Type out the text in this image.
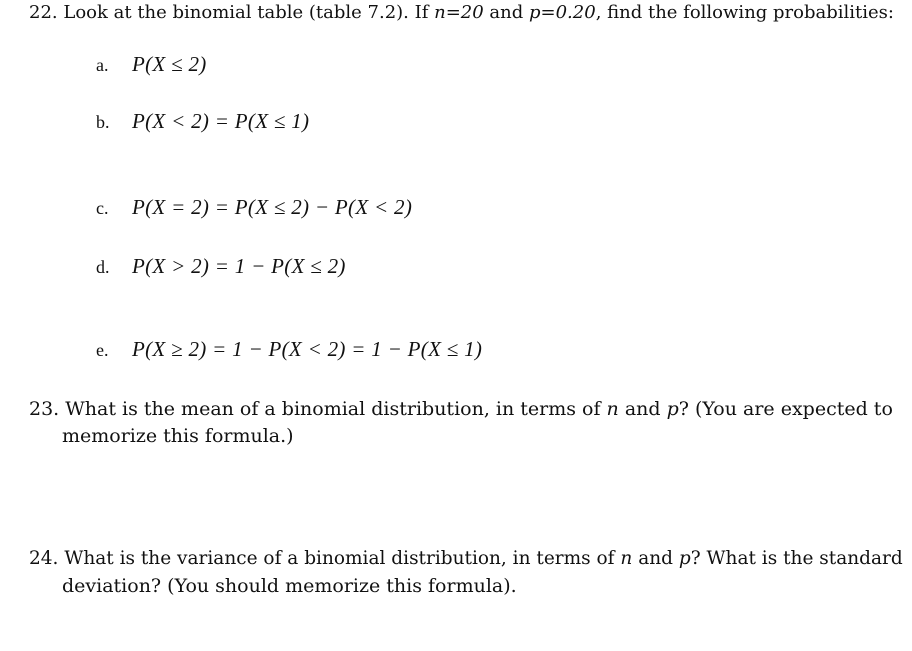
22. Look at the binomial table (table 7.2). If n=20 and p=0.20, find the following probabilities:
a. P(X ≤ 2)
b. P(X < 2) = P(X ≤ 1)
c. P(X = 2) = P(X ≤ 2) − P(X < 2)
d. P(X > 2) = 1 − P(X ≤ 2)
e. P(X ≥ 2) = 1 − P(X < 2) = 1 − P(X ≤ 1)
23. What is the mean of a binomial distribution, in terms of n and p? (You are expected to
memorize this formula.)
24. What is the variance of a binomial distribution, in terms of n and p? What is the standard
deviation? (You should memorize this formula).
